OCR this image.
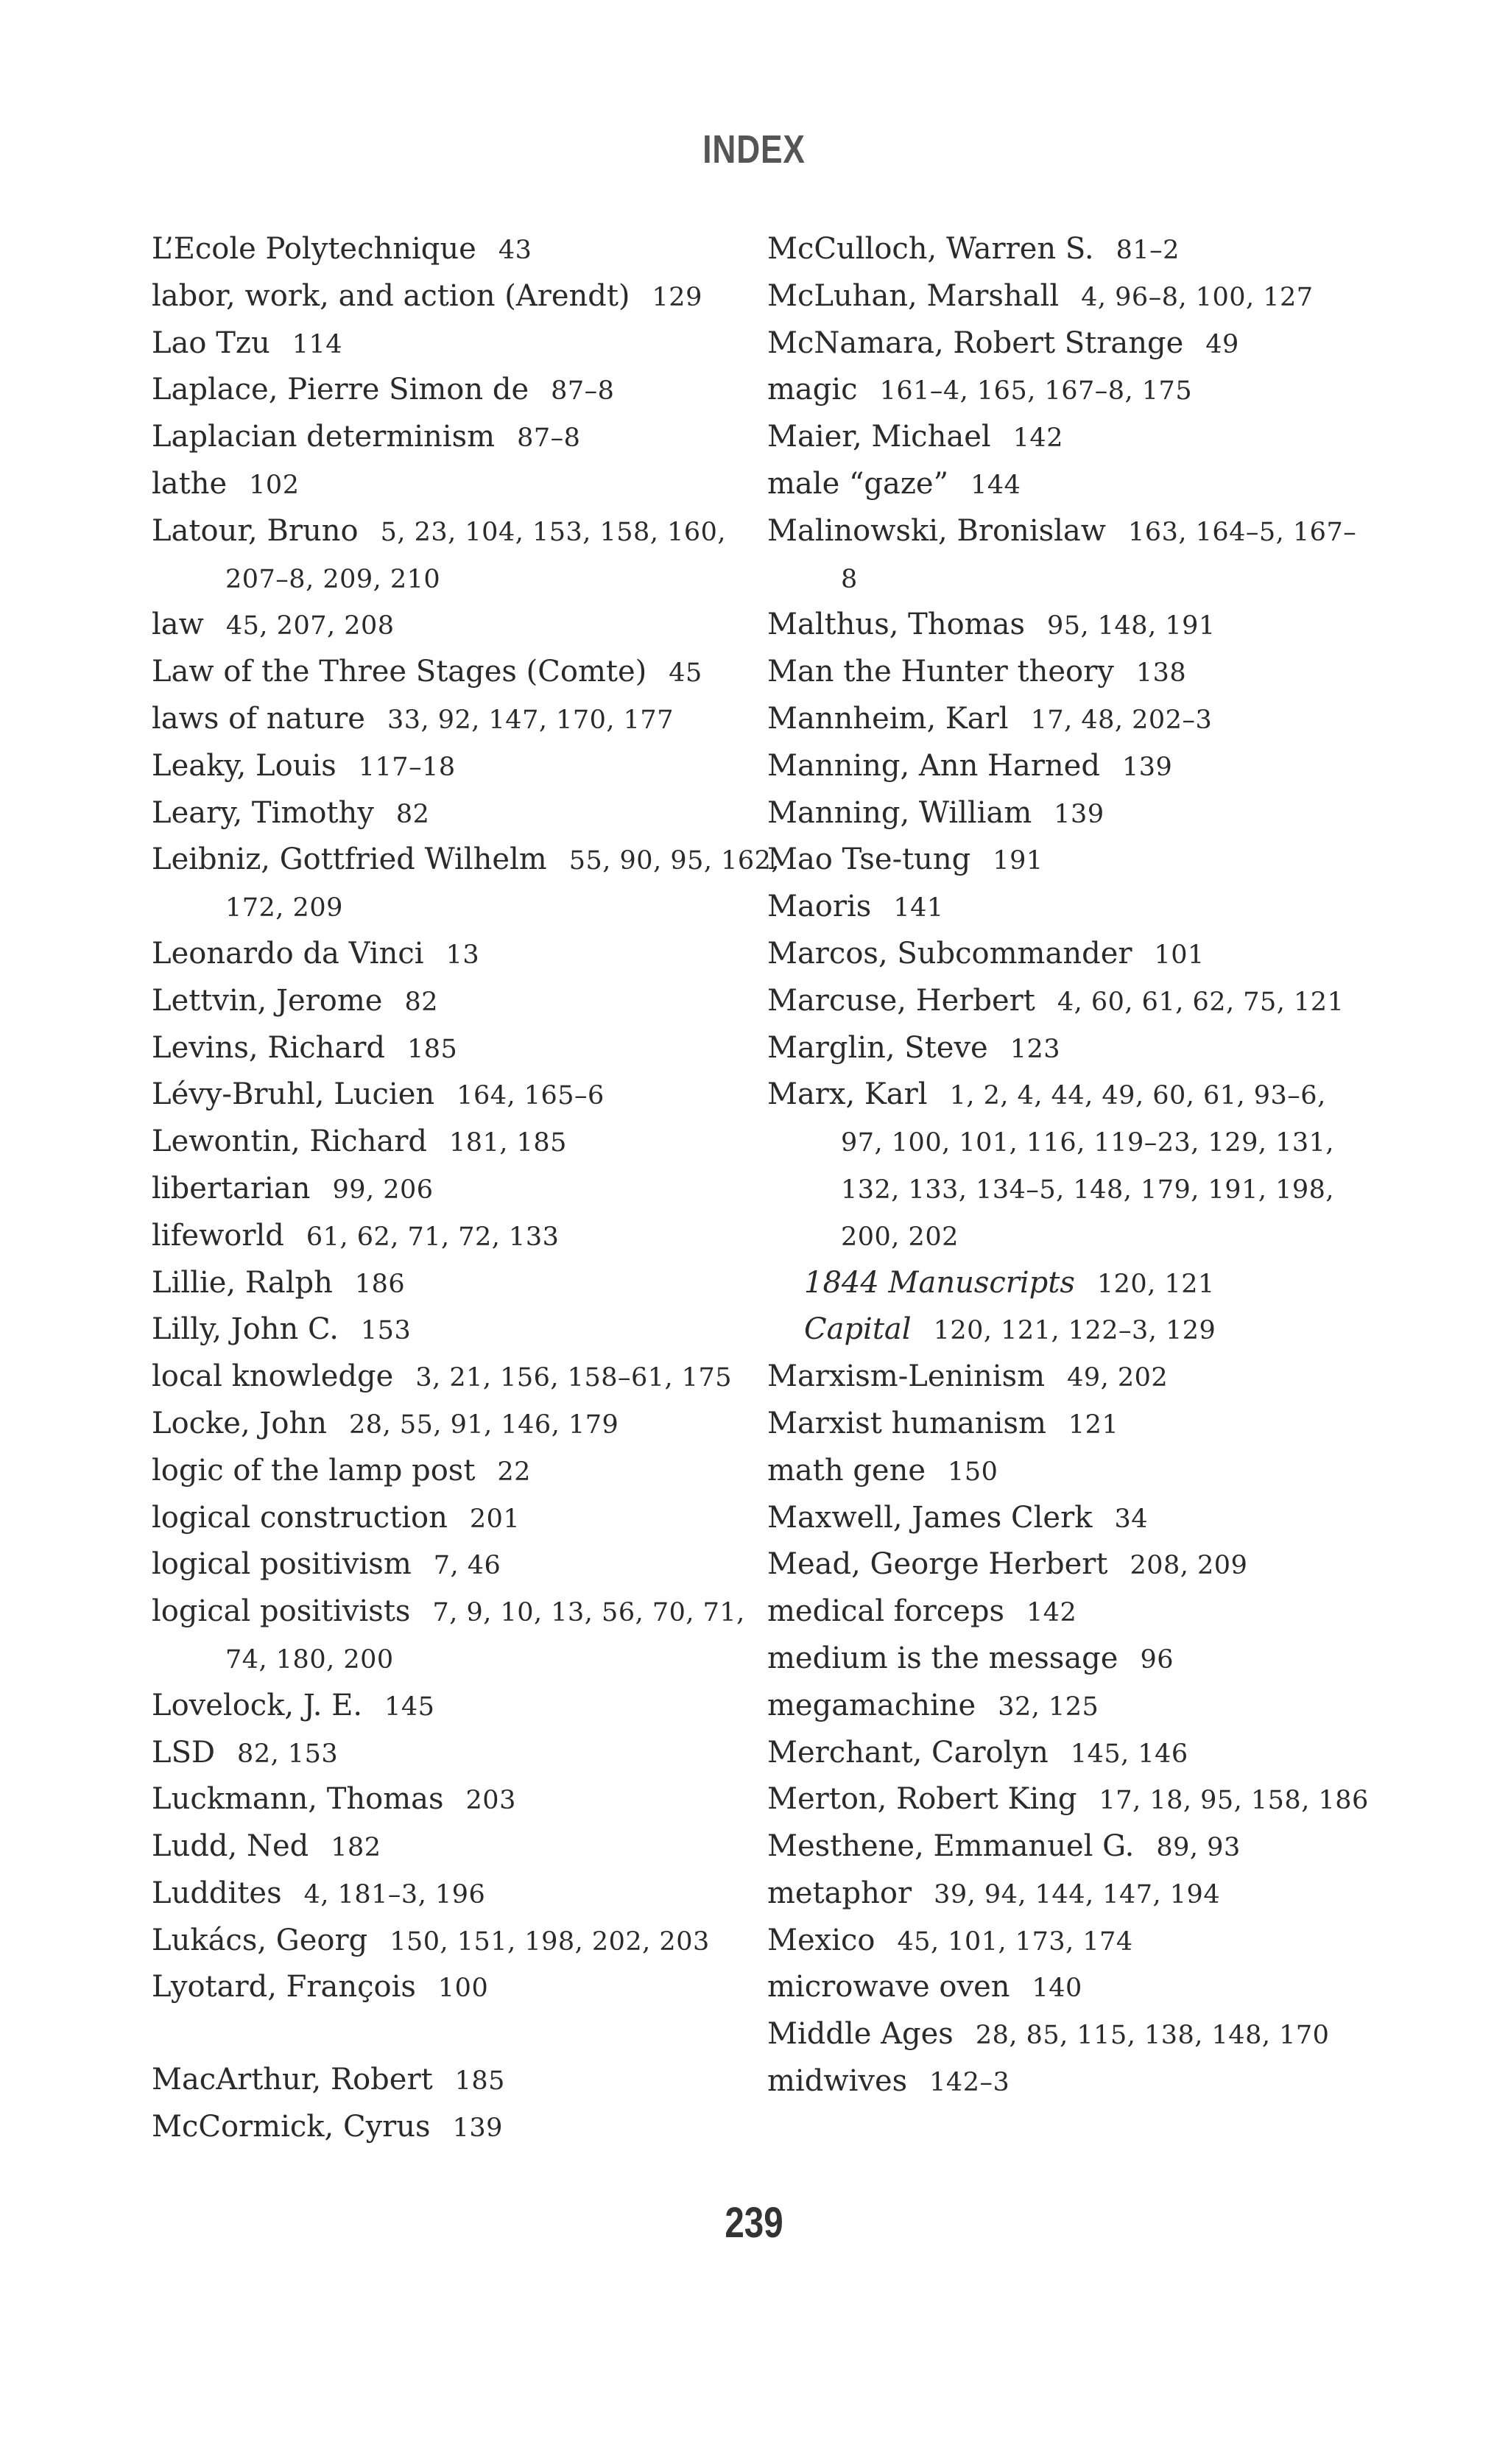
INDEX
L’Ecole Polytechnique 43
labor, work, and action (Arendt) 129
Lao Tzu 114
Laplace, Pierre Simon de 87–8
Laplacian determinism 87–8
lathe 102
Latour, Bruno 5, 23, 104, 153, 158, 160, 207–8, 209, 210
law 45, 207, 208
Law of the Three Stages (Comte) 45
laws of nature 33, 92, 147, 170, 177
Leaky, Louis 117–18
Leary, Timothy 82
Leibniz, Gottfried Wilhelm 55, 90, 95, 162, 172, 209
Leonardo da Vinci 13
Lettvin, Jerome 82
Levins, Richard 185
Lévy-Bruhl, Lucien 164, 165–6
Lewontin, Richard 181, 185
libertarian 99, 206
lifeworld 61, 62, 71, 72, 133
Lillie, Ralph 186
Lilly, John C. 153
local knowledge 3, 21, 156, 158–61, 175
Locke, John 28, 55, 91, 146, 179
logic of the lamp post 22
logical construction 201
logical positivism 7, 46
logical positivists 7, 9, 10, 13, 56, 70, 71, 74, 180, 200
Lovelock, J. E. 145
LSD 82, 153
Luckmann, Thomas 203
Ludd, Ned 182
Luddites 4, 181–3, 196
Lukács, Georg 150, 151, 198, 202, 203
Lyotard, François 100
MacArthur, Robert 185
McCormick, Cyrus 139
McCulloch, Warren S. 81–2
McLuhan, Marshall 4, 96–8, 100, 127
McNamara, Robert Strange 49
magic 161–4, 165, 167–8, 175
Maier, Michael 142
male “gaze” 144
Malinowski, Bronislaw 163, 164–5, 167–8
Malthus, Thomas 95, 148, 191
Man the Hunter theory 138
Mannheim, Karl 17, 48, 202–3
Manning, Ann Harned 139
Manning, William 139
Mao Tse-tung 191
Maoris 141
Marcos, Subcommander 101
Marcuse, Herbert 4, 60, 61, 62, 75, 121
Marglin, Steve 123
Marx, Karl 1, 2, 4, 44, 49, 60, 61, 93–6, 97, 100, 101, 116, 119–23, 129, 131, 132, 133, 134–5, 148, 179, 191, 198, 200, 202
1844 Manuscripts 120, 121
Capital 120, 121, 122–3, 129
Marxism-Leninism 49, 202
Marxist humanism 121
math gene 150
Maxwell, James Clerk 34
Mead, George Herbert 208, 209
medical forceps 142
medium is the message 96
megamachine 32, 125
Merchant, Carolyn 145, 146
Merton, Robert King 17, 18, 95, 158, 186
Mesthene, Emmanuel G. 89, 93
metaphor 39, 94, 144, 147, 194
Mexico 45, 101, 173, 174
microwave oven 140
Middle Ages 28, 85, 115, 138, 148, 170
midwives 142–3
239
